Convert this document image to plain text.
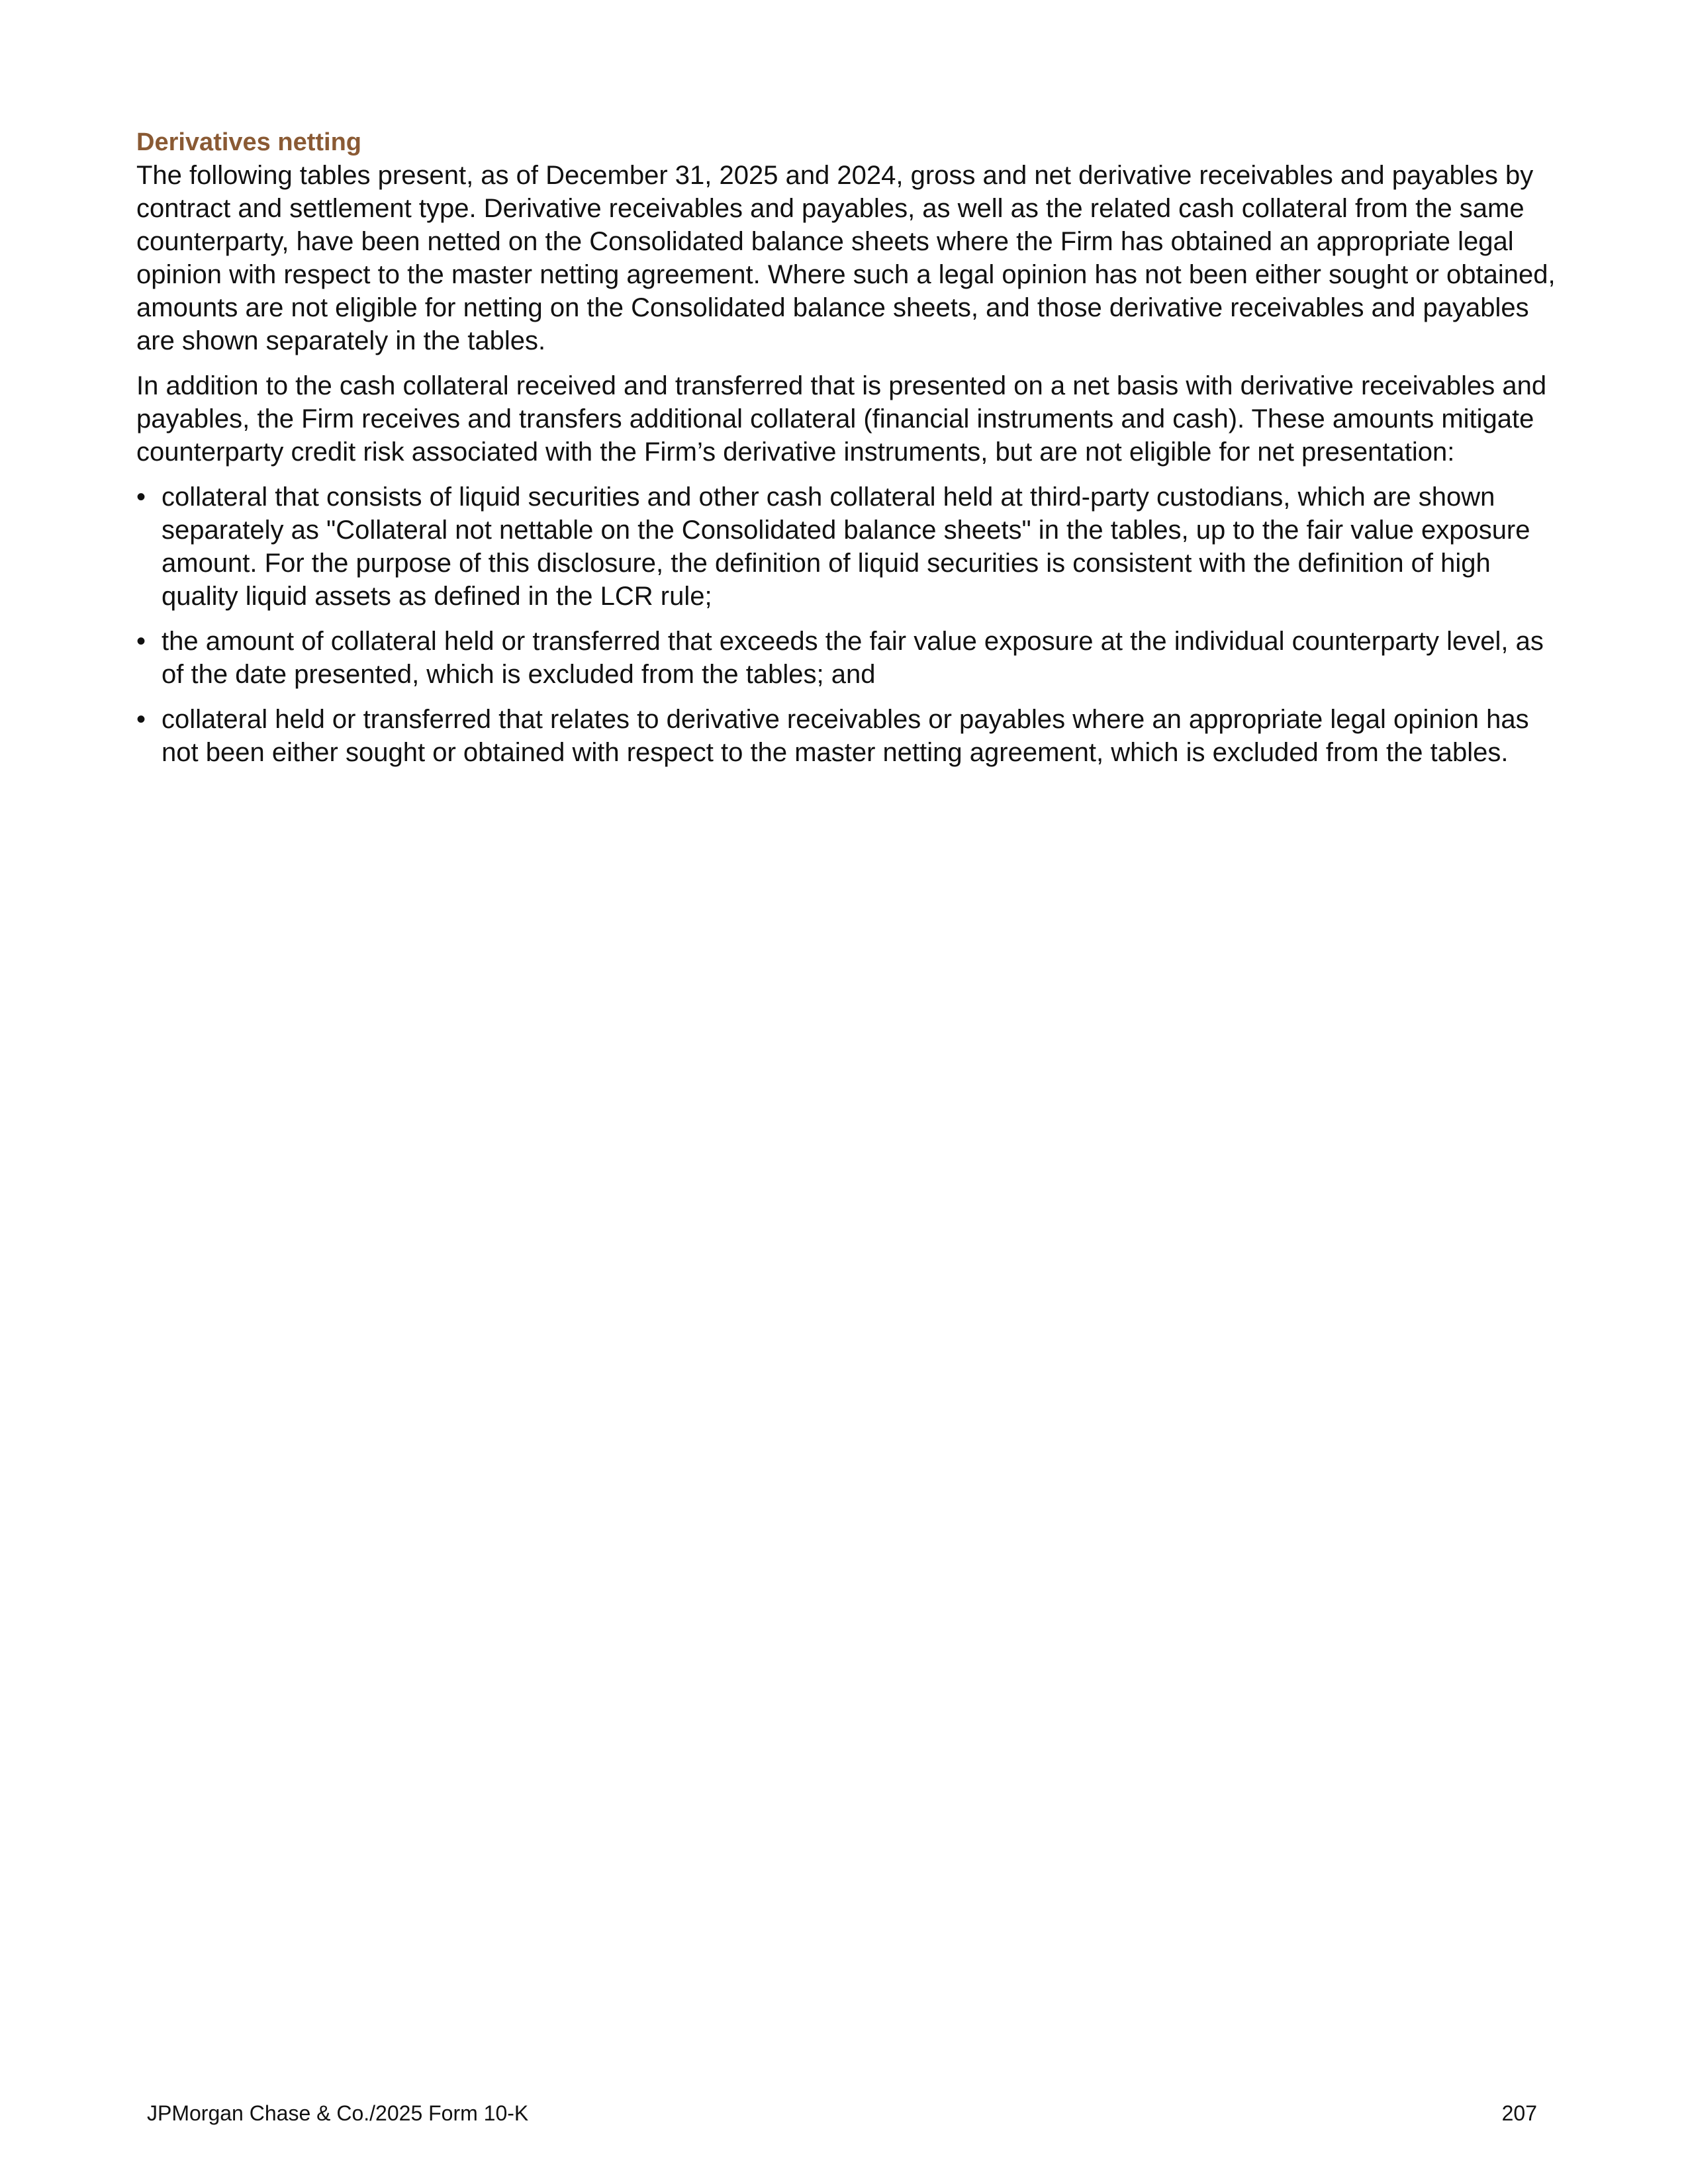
Derivatives netting

The following tables present, as of December 31, 2025 and 2024, gross and net derivative receivables and payables by contract and settlement type. Derivative receivables and payables, as well as the related cash collateral from the same counterparty, have been netted on the Consolidated balance sheets where the Firm has obtained an appropriate legal opinion with respect to the master netting agreement. Where such a legal opinion has not been either sought or obtained, amounts are not eligible for netting on the Consolidated balance sheets, and those derivative receivables and payables are shown separately in the tables.

In addition to the cash collateral received and transferred that is presented on a net basis with derivative receivables and payables, the Firm receives and transfers additional collateral (financial instruments and cash). These amounts mitigate counterparty credit risk associated with the Firm’s derivative instruments, but are not eligible for net presentation:

• collateral that consists of liquid securities and other cash collateral held at third-party custodians, which are shown separately as "Collateral not nettable on the Consolidated balance sheets" in the tables, up to the fair value exposure amount. For the purpose of this disclosure, the definition of liquid securities is consistent with the definition of high quality liquid assets as defined in the LCR rule;
• the amount of collateral held or transferred that exceeds the fair value exposure at the individual counterparty level, as of the date presented, which is excluded from the tables; and
• collateral held or transferred that relates to derivative receivables or payables where an appropriate legal opinion has not been either sought or obtained with respect to the master netting agreement, which is excluded from the tables.
JPMorgan Chase & Co./2025 Form 10-K	207
